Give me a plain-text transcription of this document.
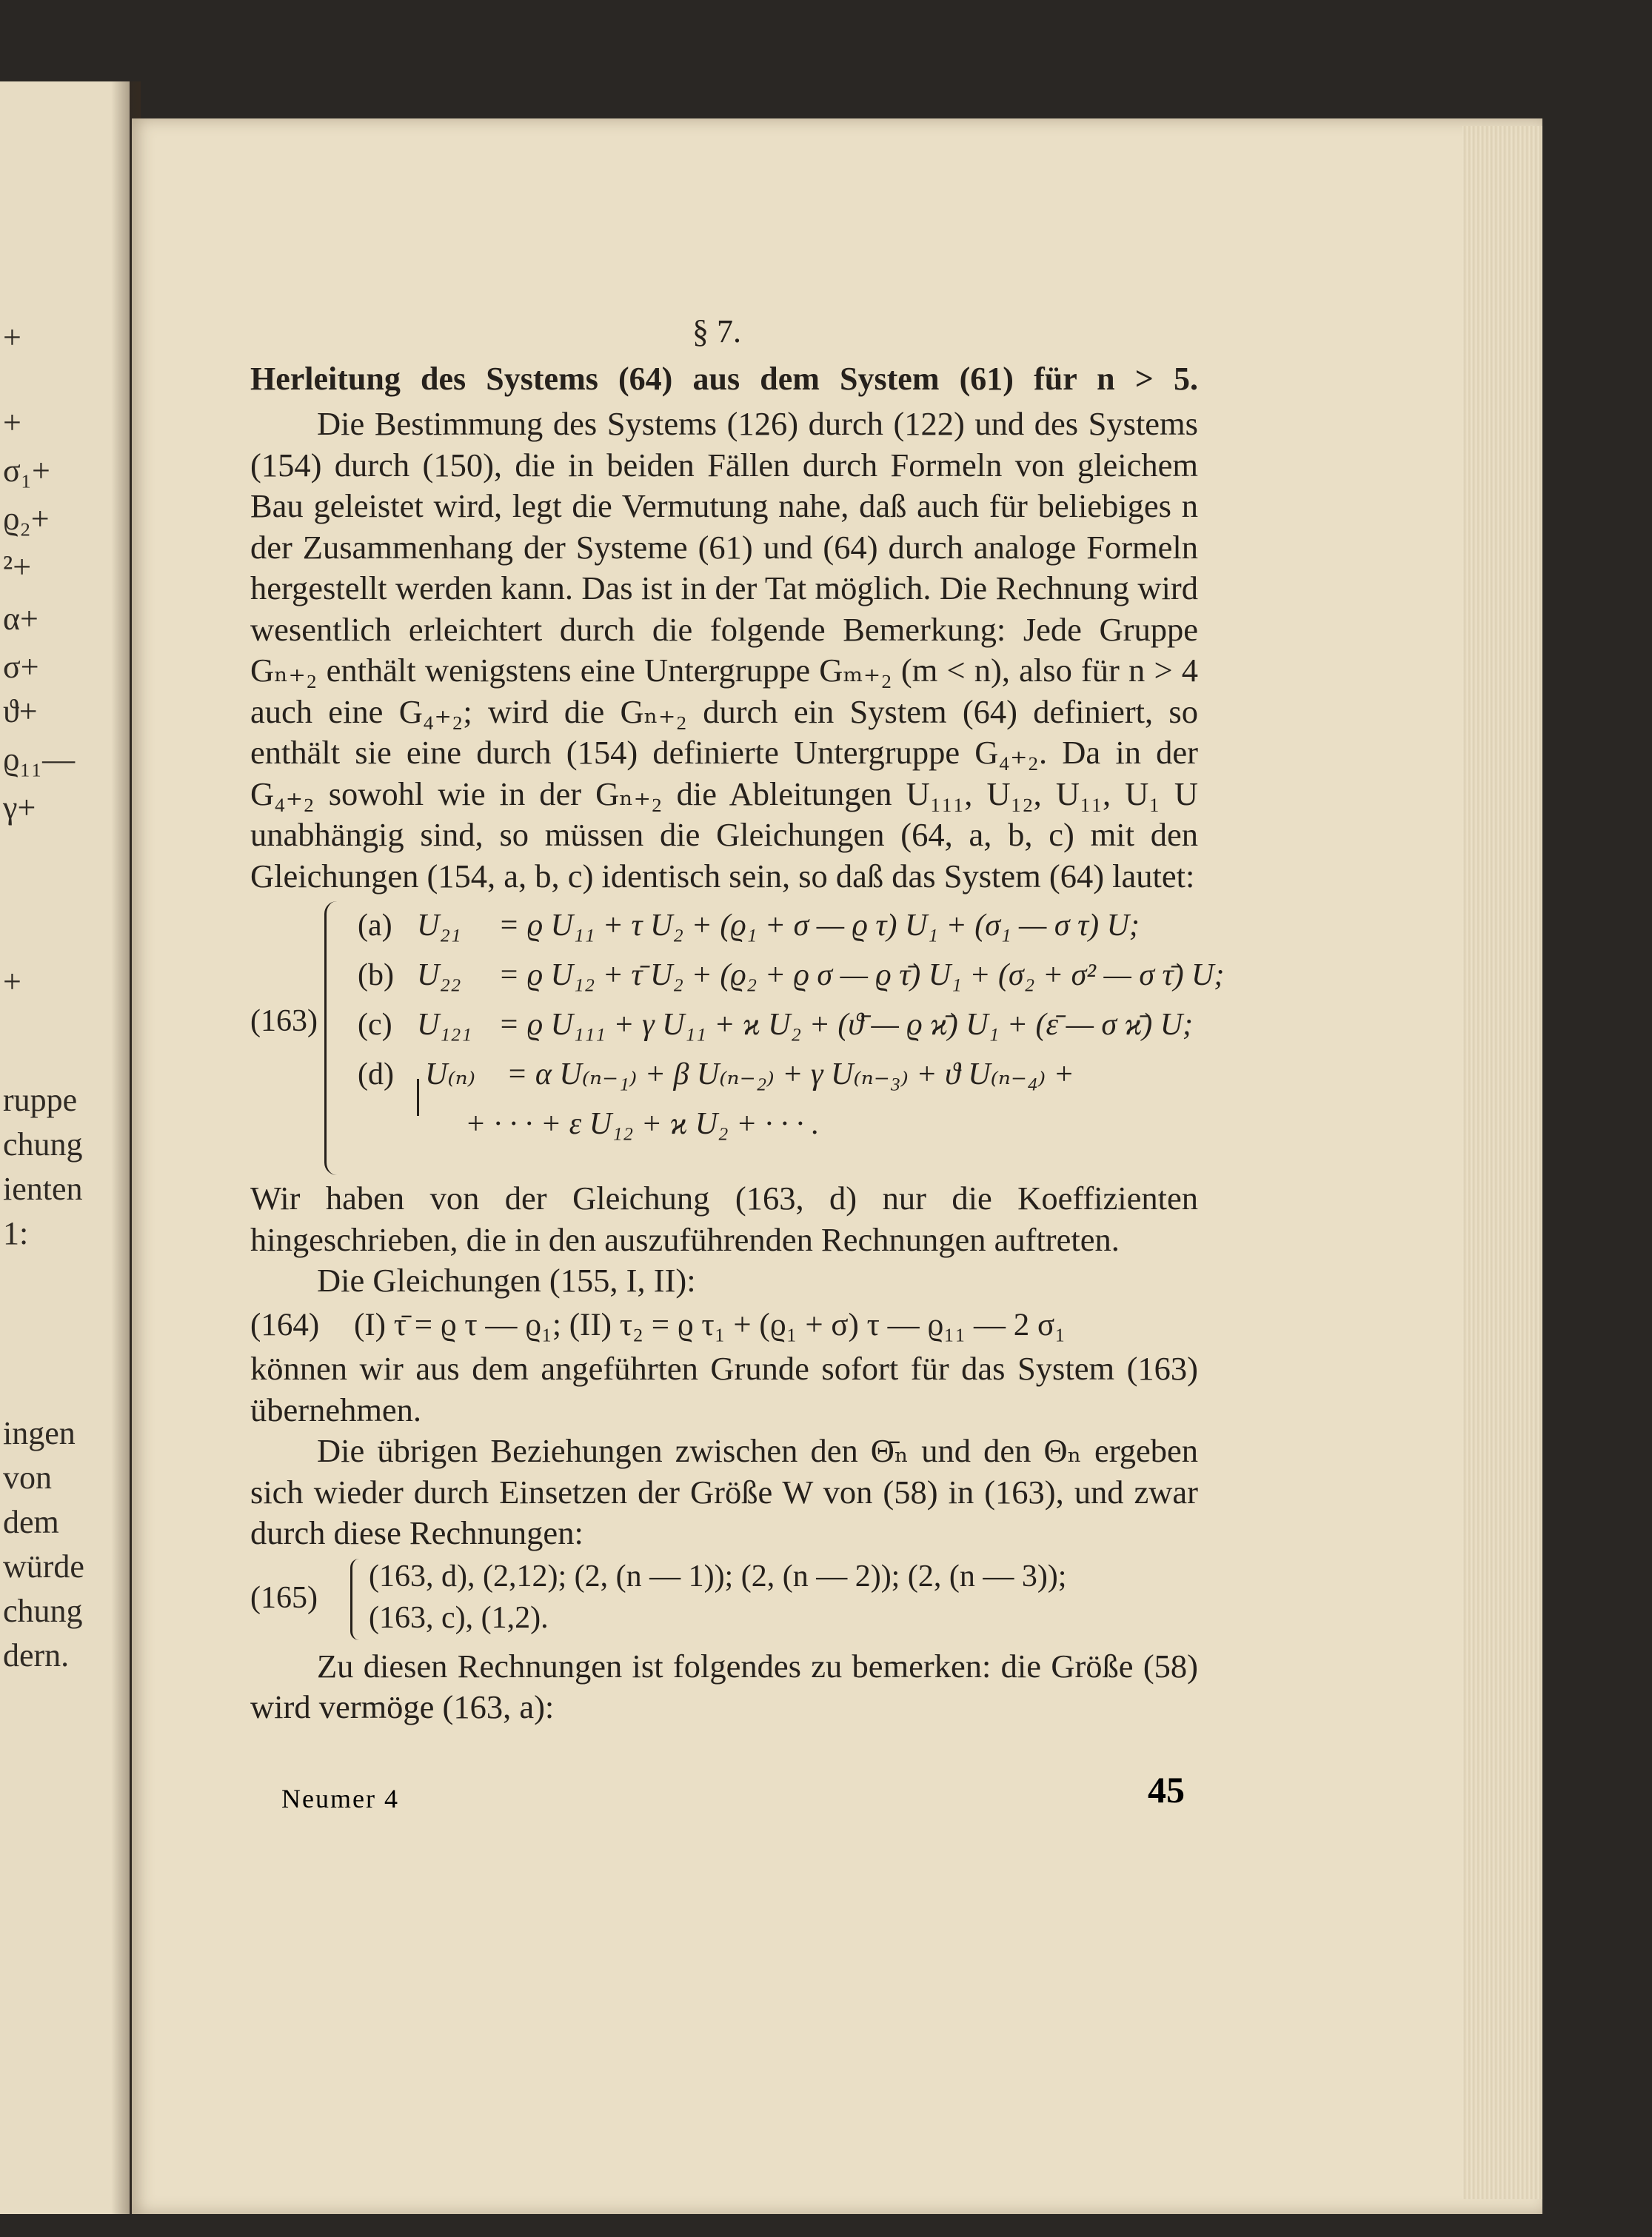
+
+
σ₁+
ϱ₂+
²+
α+
σ+
ϑ+
ϱ₁₁—
γ+
+
ruppe
chung
ienten
1:
ingen
von
dem
würde
chung
dern.
§ 7.
Herleitung des Systems (64) aus dem System (61) für n > 5.

Die Bestimmung des Systems (126) durch (122) und des Systems (154) durch (150), die in beiden Fällen durch Formeln von gleichem Bau geleistet wird, legt die Vermutung nahe, daß auch für beliebiges n der Zusammenhang der Systeme (61) und (64) durch analoge Formeln hergestellt werden kann. Das ist in der Tat möglich. Die Rechnung wird wesentlich erleichtert durch die folgende Bemerkung: Jede Gruppe Gₙ₊₂ enthält wenigstens eine Untergruppe Gₘ₊₂ (m < n), also für n > 4 auch eine G₄₊₂; wird die Gₙ₊₂ durch ein System (64) definiert, so enthält sie eine durch (154) definierte Untergruppe G₄₊₂. Da in der G₄₊₂ sowohl wie in der Gₙ₊₂ die Ableitungen U₁₁₁, U₁₂, U₁₁, U₁ U unabhängig sind, so müssen die Gleichungen (64, a, b, c) mit den Gleichungen (154, a, b, c) identisch sein, so daß das System (64) lautet:

(163)
(a) U₂₁ = ϱ U₁₁ + τ U₂ + (ϱ₁ + σ — ϱ τ) U₁ + (σ₁ — σ τ) U;
(b) U₂₂ = ϱ U₁₂ + τ̄ U₂ + (ϱ₂ + ϱ σ — ϱ τ̄) U₁ + (σ₂ + σ² — σ τ̄) U;
(c) U₁₂₁ = ϱ U₁₁₁ + γ U₁₁ + ϰ U₂ + (ϑ̄ — ϱ ϰ̄) U₁ + (ε̄ — σ ϰ̄) U;
(d) U₍ₙ₎ = α U₍ₙ₋₁₎ + β U₍ₙ₋₂₎ + γ U₍ₙ₋₃₎ + ϑ U₍ₙ₋₄₎ +
+ · · · + ε U₁₂ + ϰ U₂ + · · · .

Wir haben von der Gleichung (163, d) nur die Koeffizienten hingeschrieben, die in den auszuführenden Rechnungen auftreten.

Die Gleichungen (155, I, II):

(164) (I) τ̄ = ϱ τ — ϱ₁; (II) τ₂ = ϱ τ₁ + (ϱ₁ + σ) τ — ϱ₁₁ — 2 σ₁

können wir aus dem angeführten Grunde sofort für das System (163) übernehmen.

Die übrigen Beziehungen zwischen den Θ̄ₙ und den Θₙ ergeben sich wieder durch Einsetzen der Größe W von (58) in (163), und zwar durch diese Rechnungen:

(165)
(163, d), (2,12); (2, (n — 1)); (2, (n — 2)); (2, (n — 3));
(163, c), (1,2).

Zu diesen Rechnungen ist folgendes zu bemerken: die Größe (58) wird vermöge (163, a):

Neumer 4	45
